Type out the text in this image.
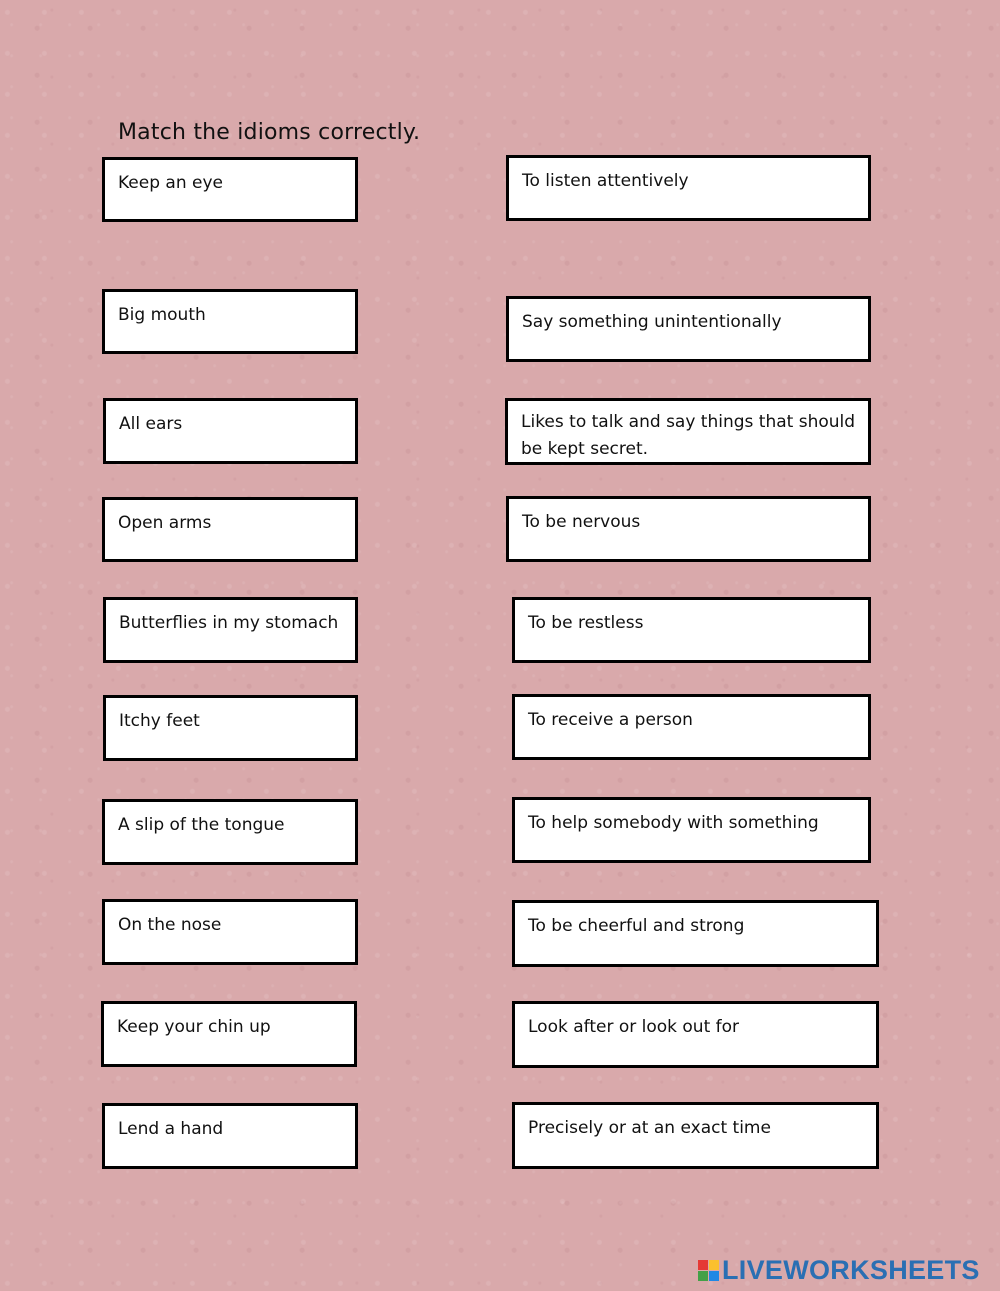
Match the idioms correctly.
Keep an eye
Big mouth
All ears
Open arms
Butterflies in my stomach
Itchy feet
A slip of the tongue
On the nose
Keep your chin up
Lend a hand
To listen attentively
Say something unintentionally
Likes to talk and say things that should be kept secret.
To be nervous
To be restless
To receive a person
To help somebody with something
To be cheerful and strong
Look after or look out for
Precisely or at an exact time
LIVEWORKSHEETS
